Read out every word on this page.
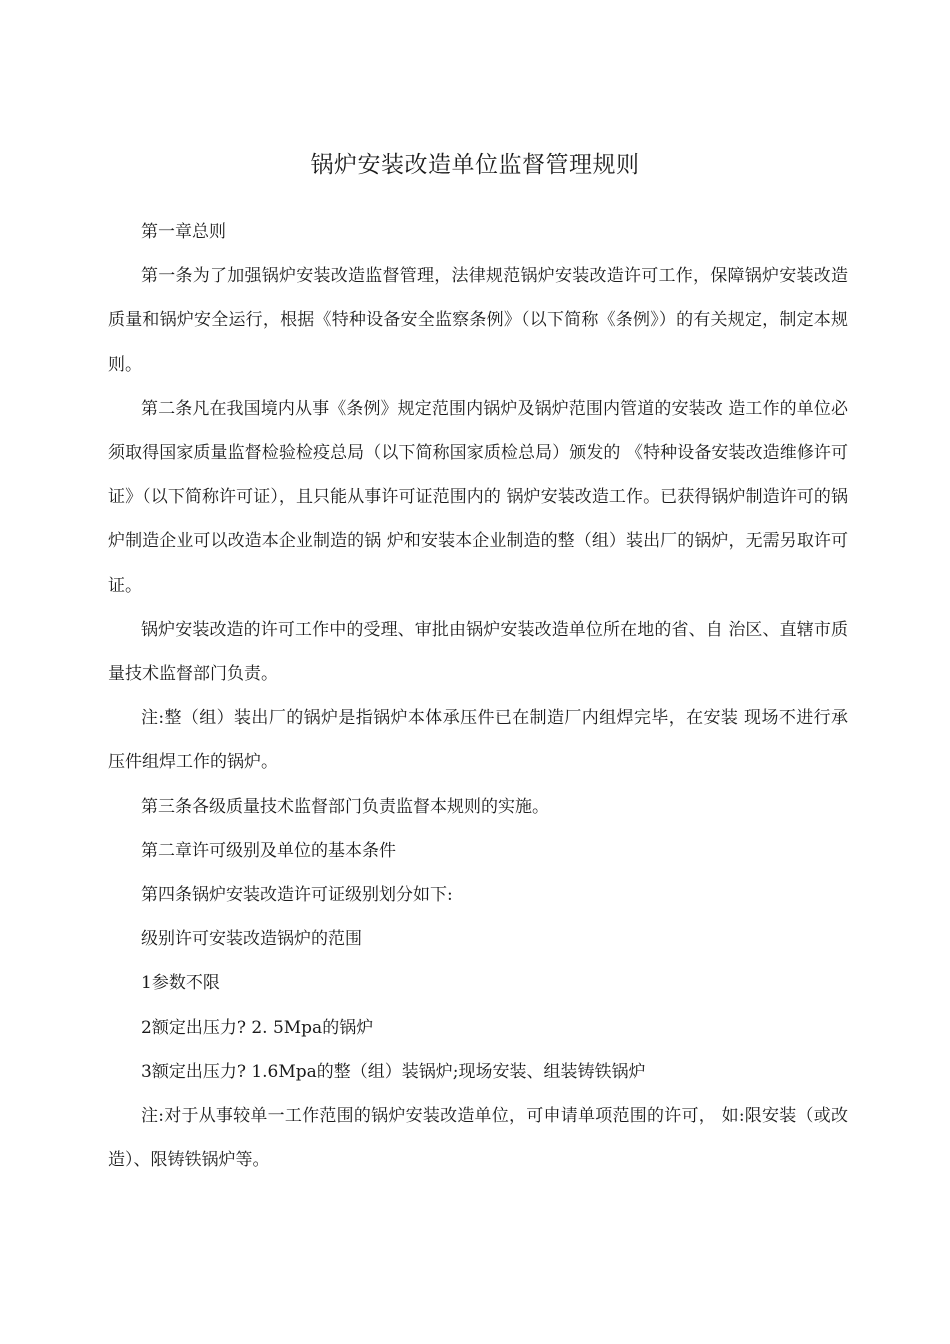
锅炉安装改造单位监督管理规则

第一章总则

第一条为了加强锅炉安装改造监督管理，法律规范锅炉安装改造许可工作，保障锅炉安装改造质量和锅炉安全运行，根据《特种设备安全监察条例》（以下简称《条例》）的有关规定，制定本规则。

第二条凡在我国境内从事《条例》规定范围内锅炉及锅炉范围内管道的安装改 造工作的单位必须取得国家质量监督检验检疫总局（以下简称国家质检总局）颁发的 《特种设备安装改造维修许可证》（以下简称许可证），且只能从事许可证范围内的 锅炉安装改造工作。已获得锅炉制造许可的锅炉制造企业可以改造本企业制造的锅 炉和安装本企业制造的整（组）装出厂的锅炉，无需另取许可证。

锅炉安装改造的许可工作中的受理、审批由锅炉安装改造单位所在地的省、自 治区、直辖市质量技术监督部门负责。

注:整（组）装出厂的锅炉是指锅炉本体承压件已在制造厂内组焊完毕，在安装 现场不进行承压件组焊工作的锅炉。

第三条各级质量技术监督部门负责监督本规则的实施。

第二章许可级别及单位的基本条件

第四条锅炉安装改造许可证级别划分如下:

级别许可安装改造锅炉的范围

1参数不限

2额定出压力? 2. 5Mpa的锅炉

3额定出压力? 1.6Mpa的整（组）装锅炉;现场安装、组装铸铁锅炉

注:对于从事较单一工作范围的锅炉安装改造单位，可申请单项范围的许可， 如:限安装（或改造）、限铸铁锅炉等。
